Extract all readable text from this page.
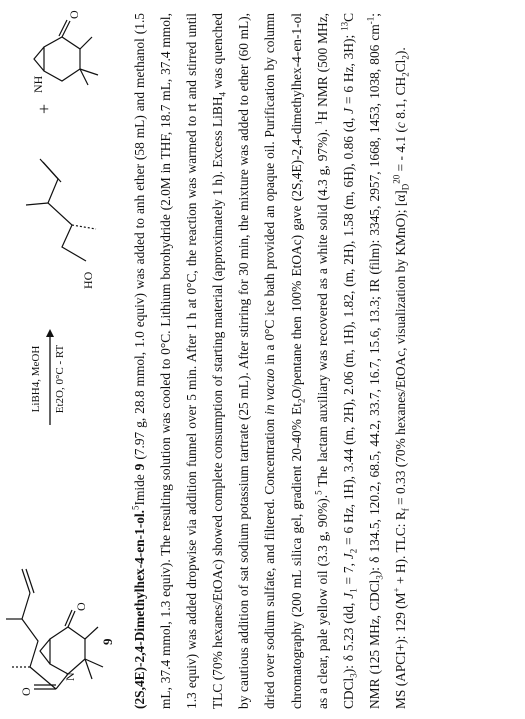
O
N
O
9
LiBH4, MeOH Et2O, 0°C - RT
HO
+
NH
O
(2S,4E)-2,4-Dimethylhex-4-en-1-ol.$^5$Imide 9 (7.97 g, 28.8 mmol, 1.0 equiv) was added to anh ether (58 mL) and methanol (1.5 mL, 37.4 mmol, 1.3 equiv). The resulting solution was cooled to 0°C. Lithium borohydride (2.0M in THF, 18.7 mL, 37.4 mmol, 1.3 equiv) was added dropwise via addition funnel over 5 min. After 1 h at 0°C, the reaction was warmed to rt and stirred until TLC (70% hexanes/EtOAc) showed complete consumption of starting material (approximately 1 h). Excess LiBH$_4$ was quenched by cautious addition of sat sodium potassium tartrate (25 mL). After stirring for 30 min, the mixture was added to ether (60 mL), dried over sodium sulfate, and filtered. Concentration in vacuo in a 0°C ice bath provided an opaque oil. Purification by column chromatography (200 mL silica gel, gradient 20-40% $Et_2O$/pentane then 100% EtOAc) gave (2S,4E)-2,4-dimethylhex-4-en-1-ol as a clear, pale yellow oil (3.3 g, 90%).$^5$ The lactam auxiliary was recovered as a white solid (4.3 g, 97%). $^1$H NMR (500 MHz, CDCl$_3$): δ 5.23 (dd, $J_1 = 7$, $J_2 = 6$ Hz, 1H), 3.44 (m, 2H), 2.06 (m, 1H), 1.82, (m, 2H), 1.58 (m, 6H), 0.86 (d, J = 6 Hz, 3H); $^{13}$C NMR (125 MHz, CDCl$_3$): δ 134.5, 120.2, 68.5, 44.2, 33.7, 16.7, 15.6, 13.3; IR (film): 3345, 2957, 1668, 1453, 1038, 806 $cm^{-1}$; MS (APCI+): 129 (M+ + H). TLC: $R_f = 0.33$ (70% hexanes/EtOAc, visualization by KMnO); $[\alpha]_D^{20}$ = - 4.1 (c 8.1, $CH_2Cl_2$).
